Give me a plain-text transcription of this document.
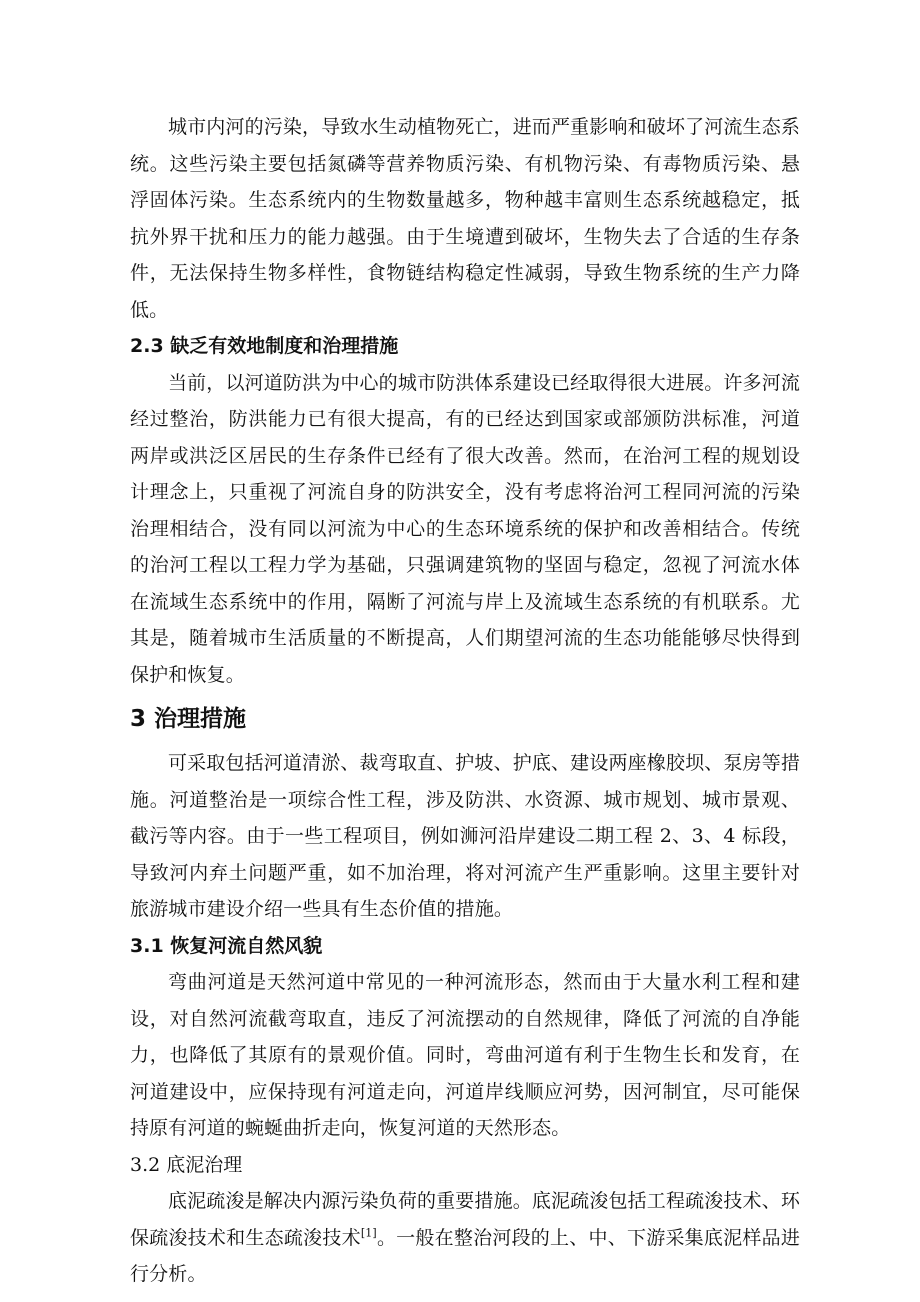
城市内河的污染，导致水生动植物死亡，进而严重影响和破坏了河流生态系统。这些污染主要包括氮磷等营养物质污染、有机物污染、有毒物质污染、悬浮固体污染。生态系统内的生物数量越多，物种越丰富则生态系统越稳定，抵抗外界干扰和压力的能力越强。由于生境遭到破坏，生物失去了合适的生存条件，无法保持生物多样性，食物链结构稳定性减弱，导致生物系统的生产力降低。

2.3 缺乏有效地制度和治理措施

当前，以河道防洪为中心的城市防洪体系建设已经取得很大进展。许多河流经过整治，防洪能力已有很大提高，有的已经达到国家或部颁防洪标准，河道两岸或洪泛区居民的生存条件已经有了很大改善。然而，在治河工程的规划设计理念上，只重视了河流自身的防洪安全，没有考虑将治河工程同河流的污染治理相结合，没有同以河流为中心的生态环境系统的保护和改善相结合。传统的治河工程以工程力学为基础，只强调建筑物的坚固与稳定，忽视了河流水体在流域生态系统中的作用，隔断了河流与岸上及流域生态系统的有机联系。尤其是，随着城市生活质量的不断提高，人们期望河流的生态功能能够尽快得到保护和恢复。

3 治理措施

可采取包括河道清淤、裁弯取直、护坡、护底、建设两座橡胶坝、泵房等措施。河道整治是一项综合性工程，涉及防洪、水资源、城市规划、城市景观、截污等内容。由于一些工程项目，例如浉河沿岸建设二期工程 2、3、4 标段，导致河内弃土问题严重，如不加治理，将对河流产生严重影响。这里主要针对旅游城市建设介绍一些具有生态价值的措施。

3.1 恢复河流自然风貌

弯曲河道是天然河道中常见的一种河流形态，然而由于大量水利工程和建设，对自然河流截弯取直，违反了河流摆动的自然规律，降低了河流的自净能力，也降低了其原有的景观价值。同时，弯曲河道有利于生物生长和发育，在河道建设中，应保持现有河道走向，河道岸线顺应河势，因河制宜，尽可能保持原有河道的蜿蜒曲折走向，恢复河道的天然形态。

3.2 底泥治理

底泥疏浚是解决内源污染负荷的重要措施。底泥疏浚包括工程疏浚技术、环保疏浚技术和生态疏浚技术[1]。一般在整治河段的上、中、下游采集底泥样品进行分析。
